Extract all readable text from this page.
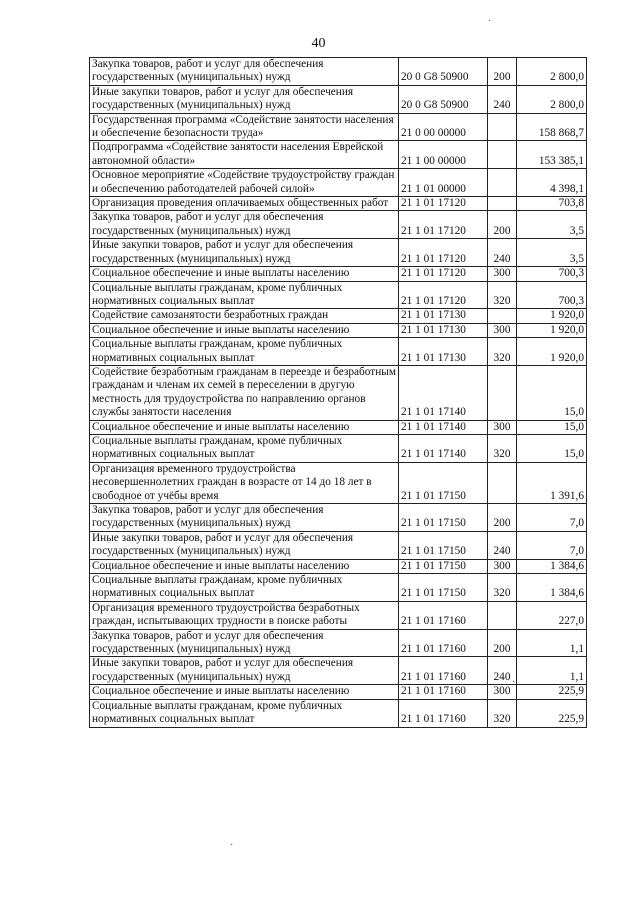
40
Закупка товаров, работ и услуг для обеспечения государственных (муниципальных) нужд	20 0 G8 50900	200	2 800,0
Иные закупки товаров, работ и услуг для обеспечения государственных (муниципальных) нужд	20 0 G8 50900	240	2 800,0
Государственная программа «Содействие занятости населения и обеспечение безопасности труда»	21 0 00 00000		158 868,7
Подпрограмма «Содействие занятости населения Еврейской автономной области»	21 1 00 00000		153 385,1
Основное мероприятие «Содействие трудоустройству граждан и обеспечению работодателей рабочей силой»	21 1 01 00000		4 398,1
Организация проведения оплачиваемых общественных работ	21 1 01 17120		703,8
Закупка товаров, работ и услуг для обеспечения государственных (муниципальных) нужд	21 1 01 17120	200	3,5
Иные закупки товаров, работ и услуг для обеспечения государственных (муниципальных) нужд	21 1 01 17120	240	3,5
Социальное обеспечение и иные выплаты населению	21 1 01 17120	300	700,3
Социальные выплаты гражданам, кроме публичных нормативных социальных выплат	21 1 01 17120	320	700,3
Содействие самозанятости безработных граждан	21 1 01 17130		1 920,0
Социальное обеспечение и иные выплаты населению	21 1 01 17130	300	1 920,0
Социальные выплаты гражданам, кроме публичных нормативных социальных выплат	21 1 01 17130	320	1 920,0
Содействие безработным гражданам в переезде и безработным гражданам и членам их семей в переселении в другую местность для трудоустройства по направлению органов службы занятости населения	21 1 01 17140		15,0
Социальное обеспечение и иные выплаты населению	21 1 01 17140	300	15,0
Социальные выплаты гражданам, кроме публичных нормативных социальных выплат	21 1 01 17140	320	15,0
Организация временного трудоустройства несовершеннолетних граждан в возрасте от 14 до 18 лет в свободное от учёбы время	21 1 01 17150		1 391,6
Закупка товаров, работ и услуг для обеспечения государственных (муниципальных) нужд	21 1 01 17150	200	7,0
Иные закупки товаров, работ и услуг для обеспечения государственных (муниципальных) нужд	21 1 01 17150	240	7,0
Социальное обеспечение и иные выплаты населению	21 1 01 17150	300	1 384,6
Социальные выплаты гражданам, кроме публичных нормативных социальных выплат	21 1 01 17150	320	1 384,6
Организация временного трудоустройства безработных граждан, испытывающих трудности в поиске работы	21 1 01 17160		227,0
Закупка товаров, работ и услуг для обеспечения государственных (муниципальных) нужд	21 1 01 17160	200	1,1
Иные закупки товаров, работ и услуг для обеспечения государственных (муниципальных) нужд	21 1 01 17160	240	1,1
Социальное обеспечение и иные выплаты населению	21 1 01 17160	300	225,9
Социальные выплаты гражданам, кроме публичных нормативных социальных выплат	21 1 01 17160	320	225,9
·
·
·
